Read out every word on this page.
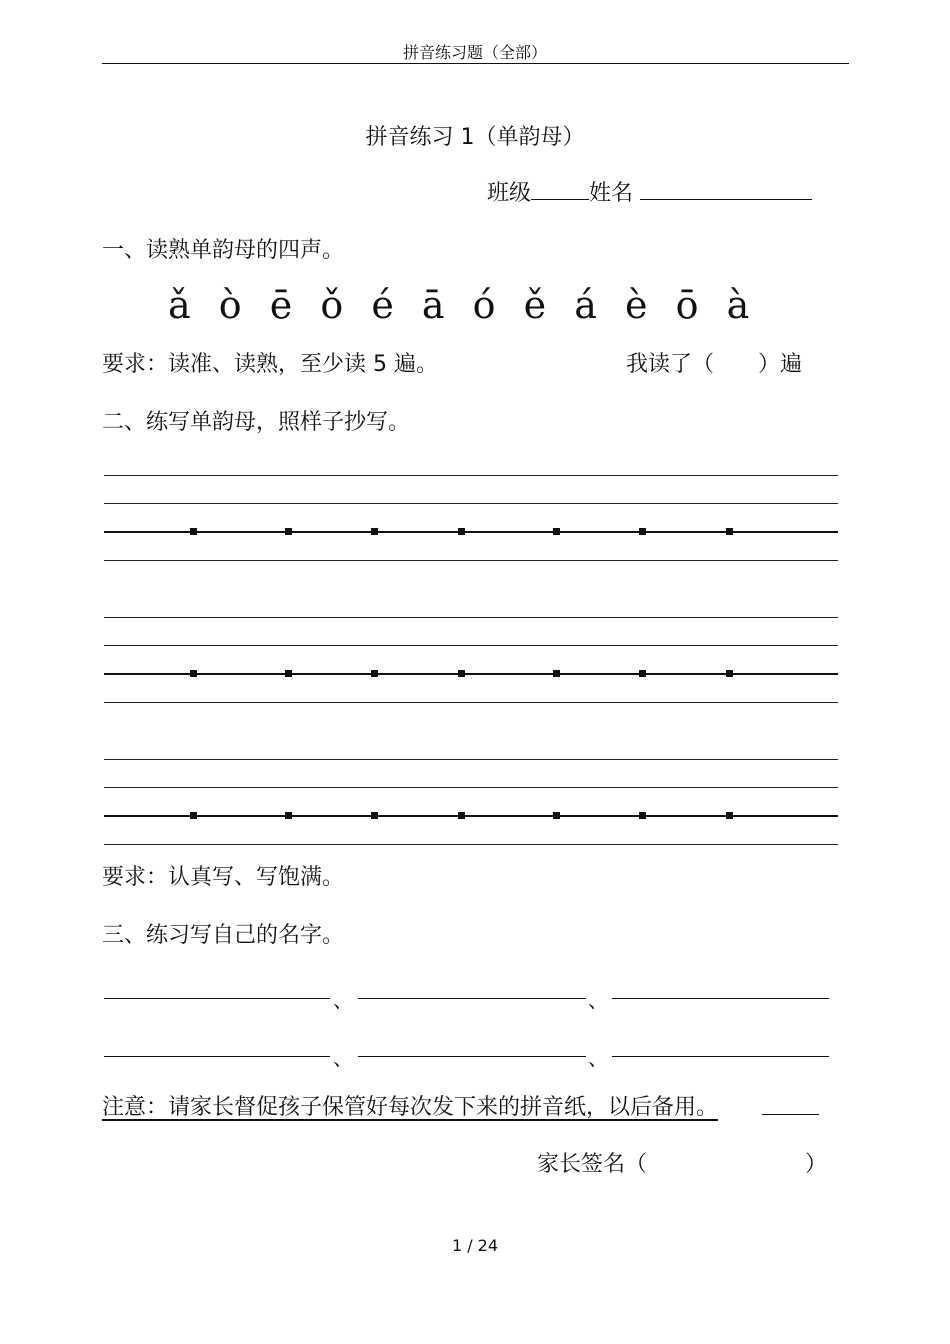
拼音练习题（全部）
拼音练习 1（单韵母）
班级	姓名
一、读熟单韵母的四声。
ǎ ò ē ǒ é ā ó ě á è ō à
要求：读准、读熟，至少读 5 遍。	我读了（ ）遍
二、练写单韵母，照样子抄写。
要求：认真写、写饱满。
三、练习写自己的名字。
、	、
、	、
注意：请家长督促孩子保管好每次发下来的拼音纸，以后备用。
家长签名（	）
1 / 24
